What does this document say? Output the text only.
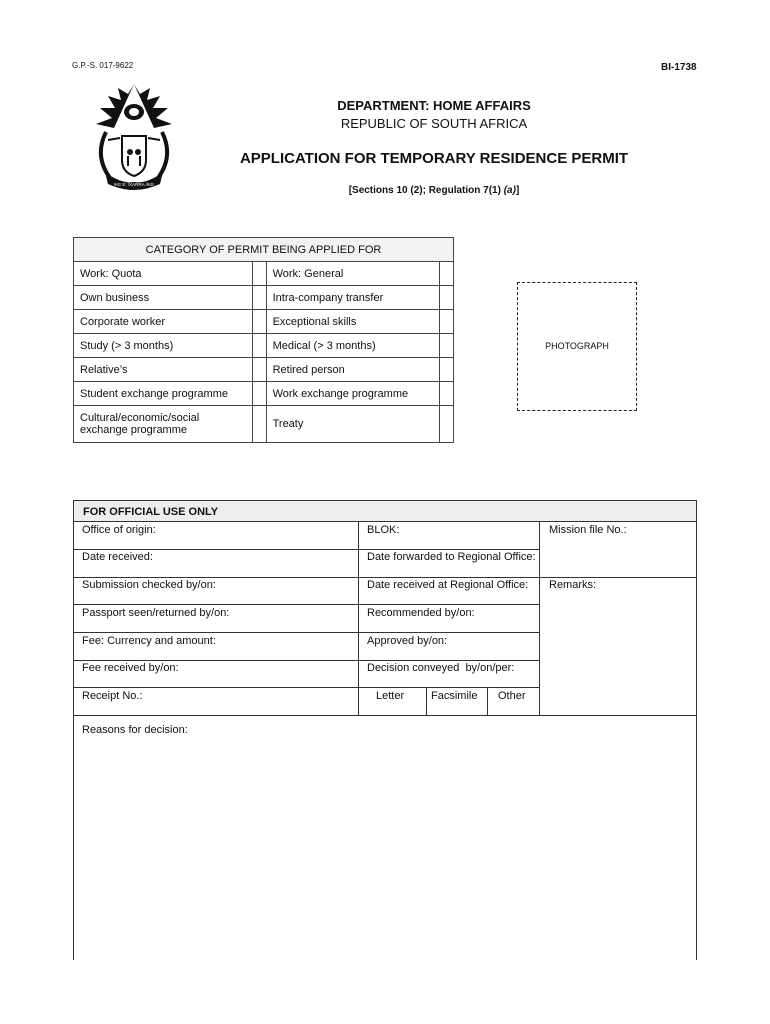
G.P.-S. 017-9622	BI-1738
!KE E: /XARRA //KE
DEPARTMENT: HOME AFFAIRS
REPUBLIC OF SOUTH AFRICA
APPLICATION FOR TEMPORARY RESIDENCE PERMIT
[Sections 10 (2); Regulation 7(1) (a)]
CATEGORY OF PERMIT BEING APPLIED FOR			
Work: Quota		Work: General	
Own business		Intra-company transfer	
Corporate worker		Exceptional skills	
Study (> 3 months)		Medical (> 3 months)	
Relative’s		Retired person	
Student exchange programme		Work exchange programme	
Cultural/economic/social exchange programme		Treaty	
PHOTOGRAPH
FOR OFFICIAL USE ONLY
Office of origin:	BLOK:	Mission file No.:
Date received:	Date forwarded to Regional Office:
Submission checked by/on:	Date received at Regional Office:	Remarks:
Passport seen/returned by/on:	Recommended by/on:
Fee: Currency and amount:	Approved by/on:
Fee received by/on:	Decision conveyed  by/on/per:
Receipt No.:	Letter Facsimile Other
Reasons for decision:
